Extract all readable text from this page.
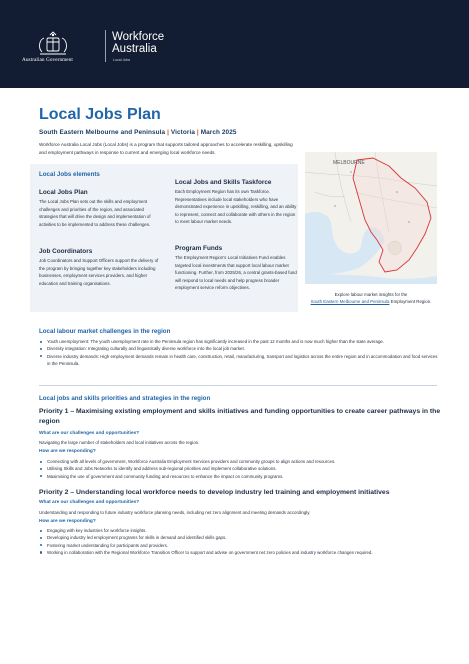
Australian Government
Workforce
Australia
Local Jobs
Local Jobs Plan
South Eastern Melbourne and Peninsula | Victoria | March 2025
Workforce Australia Local Jobs (Local Jobs) is a program that supports tailored approaches to accelerate reskilling, upskilling and employment pathways in response to current and emerging local workforce needs.
Local Jobs elements
Local Jobs Plan
The Local Jobs Plan sets out the skills and employment challenges and priorities of the region, and associated strategies that will drive the design and implementation of activities to be implemented to address these challenges.
Job Coordinators
Job Coordinators and Support Officers support the delivery of the program by bringing together key stakeholders including businesses, employment services providers, and higher education and training organisations.
Local Jobs and Skills Taskforce
Each Employment Region has its own Taskforce. Representatives include local stakeholders who have demonstrated experience in upskilling, reskilling, and an ability to represent, connect and collaborate with others in the region to meet labour market needs.
Program Funds
The Employment Region's Local Initiatives Fund enables targeted local investments that support local labour market functioning. Further, from 2025/26, a central grants-based fund will respond to local needs and help progress broader employment service reform objectives.
MELBOURNE
Explore labour market insights for the
South Eastern Melbourne and Peninsula Employment Region.
Local labour market challenges in the region
Youth unemployment: The youth unemployment rate in the Peninsula region has significantly increased in the past 12 months and is now much higher than the state average.
Diversity integration: Integrating culturally and linguistically diverse workforce into the local job market.
Diverse industry demands: High employment demands remain in health care, construction, retail, manufacturing, transport and logistics across the entire region and in accommodation and food services in the Peninsula.
Local jobs and skills priorities and strategies in the region
Priority 1 – Maximising existing employment and skills initiatives and funding opportunities to create career pathways in the region
What are our challenges and opportunities?
Navigating the large number of stakeholders and local initiatives across the region.
How are we responding?
Connecting with all levels of government, Workforce Australia Employment Services providers and community groups to align actions and resources.
Utilising Skills and Jobs Networks to identify and address sub-regional priorities and implement collaborative solutions.
Maximising the use of government and community funding and resources to enhance the impact on community programs.
Priority 2 – Understanding local workforce needs to develop industry led training and employment initiatives
What are our challenges and opportunities?
Understanding and responding to future industry workforce planning needs, including net zero alignment and meeting demands accordingly.
How are we responding?
Engaging with key industries for workforce insights.
Developing industry led employment programs for skills in demand and identified skills gaps.
Fostering market understanding for participants and providers.
Working in collaboration with the Regional Workforce Transition Officer to support and advise on government net zero policies and industry workforce changes required.
